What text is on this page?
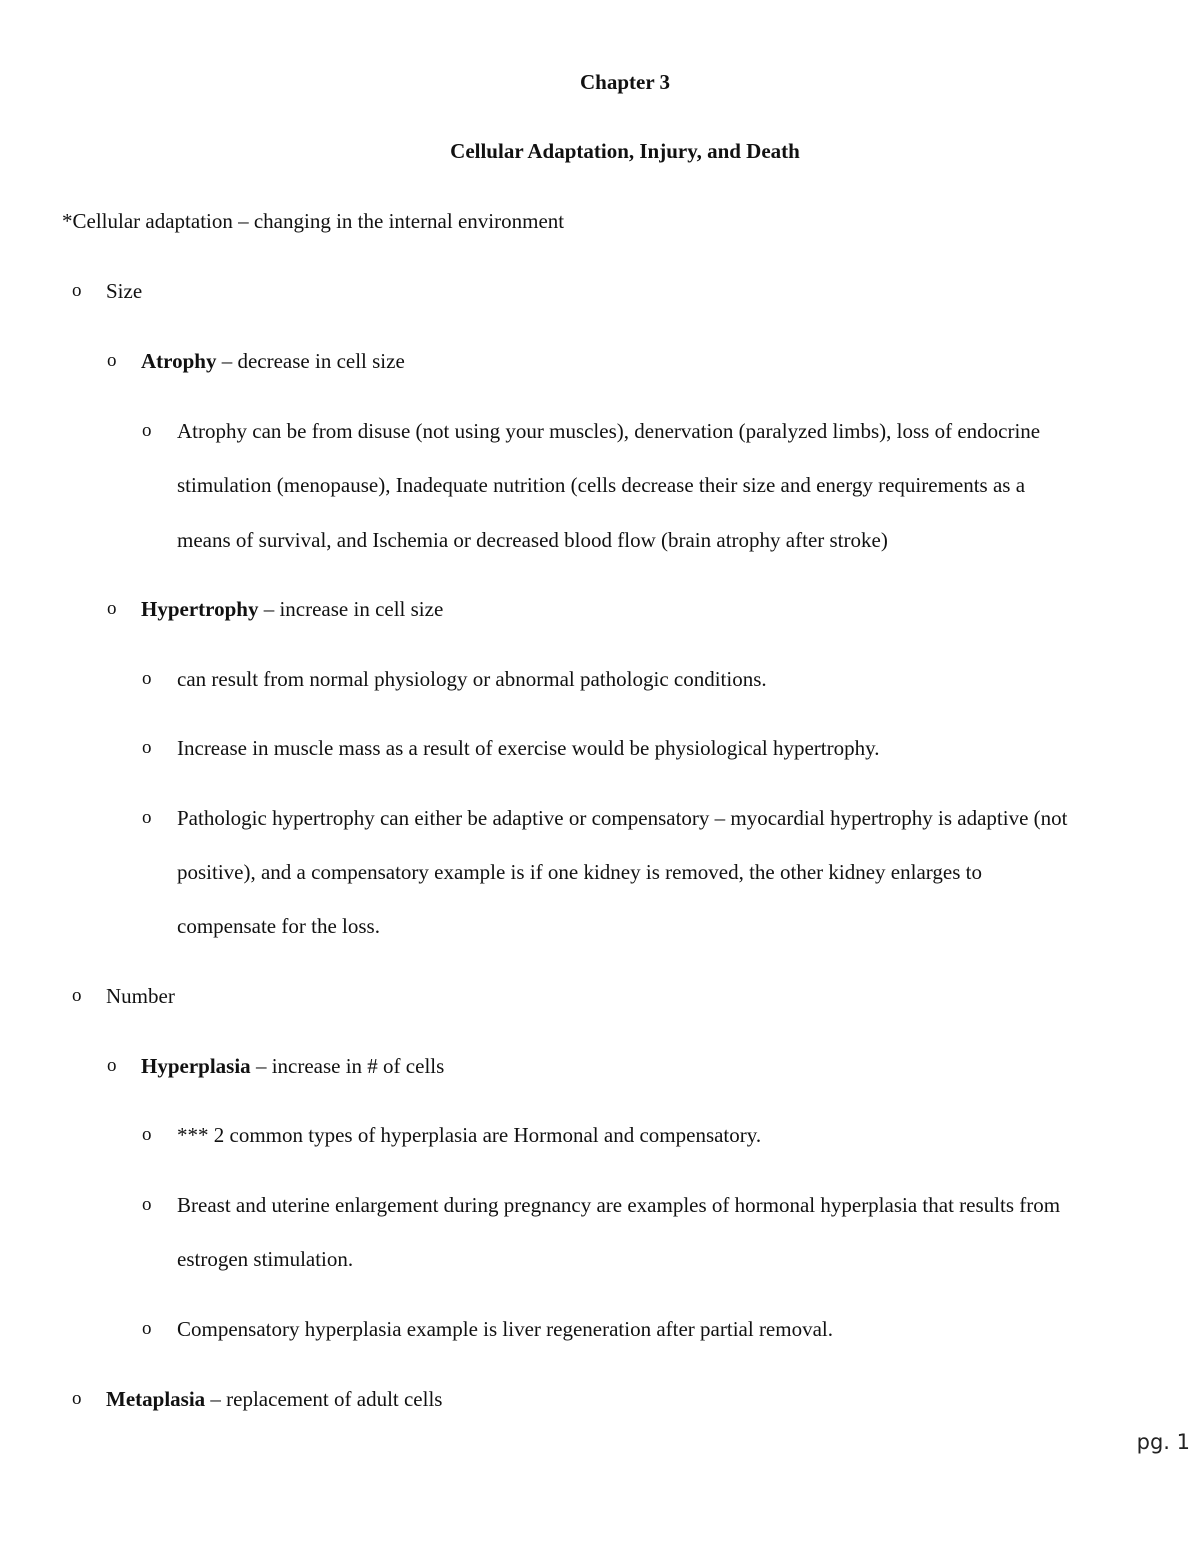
Chapter 3
Cellular Adaptation, Injury, and Death
*Cellular adaptation – changing in the internal environment
o Size
o Atrophy – decrease in cell size
o Atrophy can be from disuse (not using your muscles), denervation (paralyzed limbs), loss of endocrine
stimulation (menopause), Inadequate nutrition (cells decrease their size and energy requirements as a
means of survival, and Ischemia or decreased blood flow (brain atrophy after stroke)
o Hypertrophy – increase in cell size
o can result from normal physiology or abnormal pathologic conditions.
o Increase in muscle mass as a result of exercise would be physiological hypertrophy.
o Pathologic hypertrophy can either be adaptive or compensatory – myocardial hypertrophy is adaptive (not
positive), and a compensatory example is if one kidney is removed, the other kidney enlarges to
compensate for the loss.
o Number
o Hyperplasia – increase in # of cells
o *** 2 common types of hyperplasia are Hormonal and compensatory.
o Breast and uterine enlargement during pregnancy are examples of hormonal hyperplasia that results from
estrogen stimulation.
o Compensatory hyperplasia example is liver regeneration after partial removal.
o Metaplasia – replacement of adult cells
pg. 1
